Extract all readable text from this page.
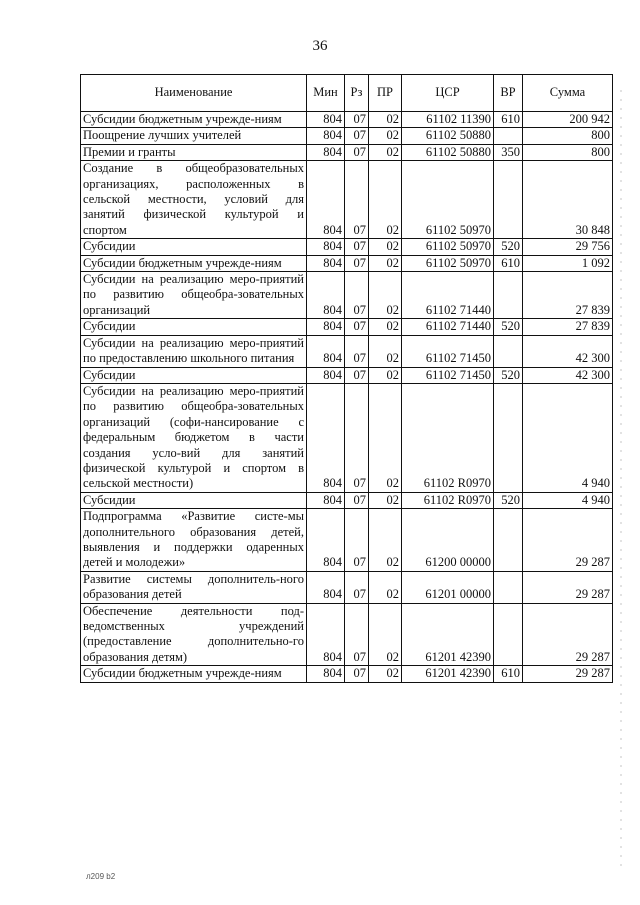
36
Наименование	Мин	Рз	ПР	ЦСР	ВР	Сумма
Субсидии бюджетным учрежде-ниям	804	07	02	61102 11390	610	200 942
Поощрение лучших учителей	804	07	02	61102 50880		800
Премии и гранты	804	07	02	61102 50880	350	800
Создание в общеобразовательных организациях, расположенных в сельской местности, условий для занятий физической культурой и спортом	804	07	02	61102 50970		30 848
Субсидии	804	07	02	61102 50970	520	29 756
Субсидии бюджетным учрежде-ниям	804	07	02	61102 50970	610	1 092
Субсидии на реализацию меро-приятий по развитию общеобра-зовательных организаций	804	07	02	61102 71440		27 839
Субсидии	804	07	02	61102 71440	520	27 839
Субсидии на реализацию меро-приятий по предоставлению школьного питания	804	07	02	61102 71450		42 300
Субсидии	804	07	02	61102 71450	520	42 300
Субсидии на реализацию меро-приятий по развитию общеобра-зовательных организаций (софи-нансирование с федеральным бюджетом в части создания усло-вий для занятий физической культурой и спортом в сельской местности)	804	07	02	61102 R0970		4 940
Субсидии	804	07	02	61102 R0970	520	4 940
Подпрограмма «Развитие систе-мы дополнительного образования детей, выявления и поддержки одаренных детей и молодежи»	804	07	02	61200 00000		29 287
Развитие системы дополнитель-ного образования детей	804	07	02	61201 00000		29 287
Обеспечение деятельности под-ведомственных учреждений (предоставление дополнительно-го образования детям)	804	07	02	61201 42390		29 287
Субсидии бюджетным учрежде-ниям	804	07	02	61201 42390	610	29 287
л209 b2
